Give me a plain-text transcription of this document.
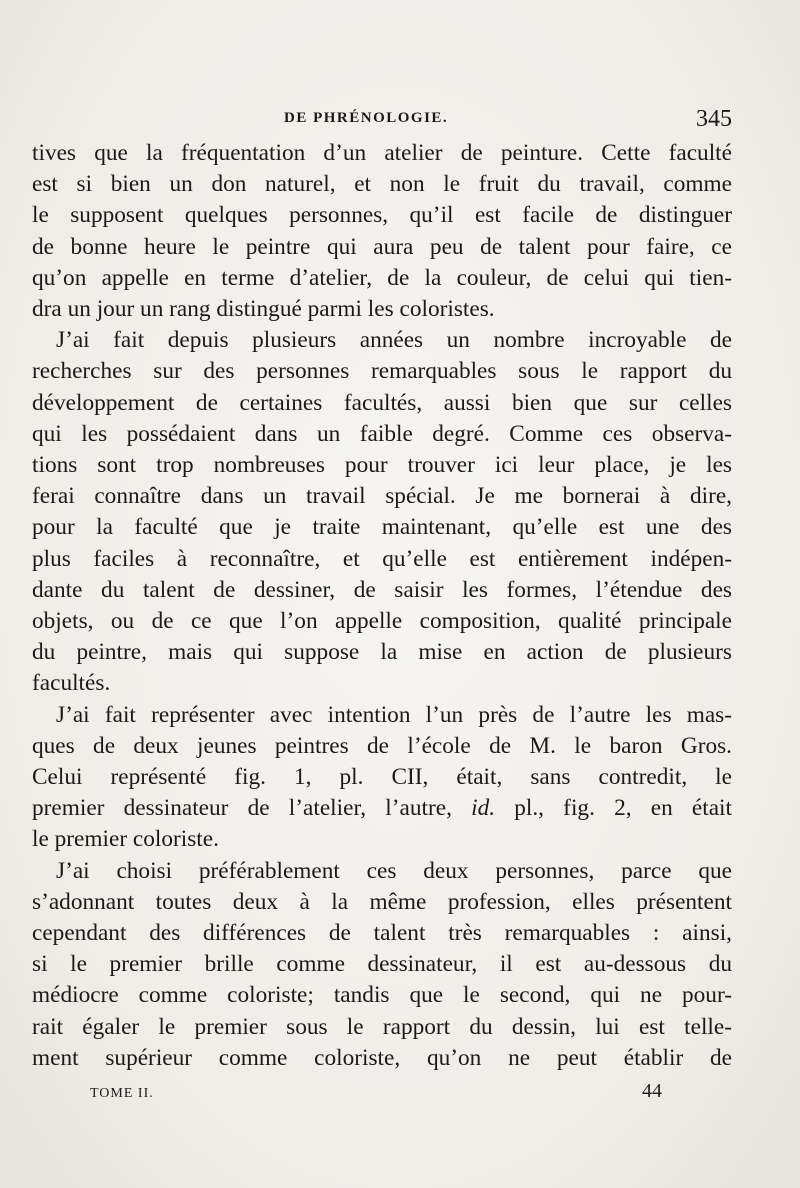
DE PHRÉNOLOGIE.	345

tives que la fréquentation d’un atelier de peinture. Cette faculté

est si bien un don naturel, et non le fruit du travail, comme

le supposent quelques personnes, qu’il est facile de distinguer

de bonne heure le peintre qui aura peu de talent pour faire, ce

qu’on appelle en terme d’atelier, de la couleur, de celui qui tien-

dra un jour un rang distingué parmi les coloristes.

J’ai fait depuis plusieurs années un nombre incroyable de

recherches sur des personnes remarquables sous le rapport du

développement de certaines facultés, aussi bien que sur celles

qui les possédaient dans un faible degré. Comme ces observa-

tions sont trop nombreuses pour trouver ici leur place, je les

ferai connaître dans un travail spécial. Je me bornerai à dire,

pour la faculté que je traite maintenant, qu’elle est une des

plus faciles à reconnaître, et qu’elle est entièrement indépen-

dante du talent de dessiner, de saisir les formes, l’étendue des

objets, ou de ce que l’on appelle composition, qualité principale

du peintre, mais qui suppose la mise en action de plusieurs

facultés.

J’ai fait représenter avec intention l’un près de l’autre les mas-

ques de deux jeunes peintres de l’école de M. le baron Gros.

Celui représenté fig. 1, pl. CII, était, sans contredit, le

premier dessinateur de l’atelier, l’autre, id. pl., fig. 2, en était

le premier coloriste.

J’ai choisi préférablement ces deux personnes, parce que

s’adonnant toutes deux à la même profession, elles présentent

cependant des différences de talent très remarquables : ainsi,

si le premier brille comme dessinateur, il est au-dessous du

médiocre comme coloriste; tandis que le second, qui ne pour-

rait égaler le premier sous le rapport du dessin, lui est telle-

ment supérieur comme coloriste, qu’on ne peut établir de

TOME II.	44
